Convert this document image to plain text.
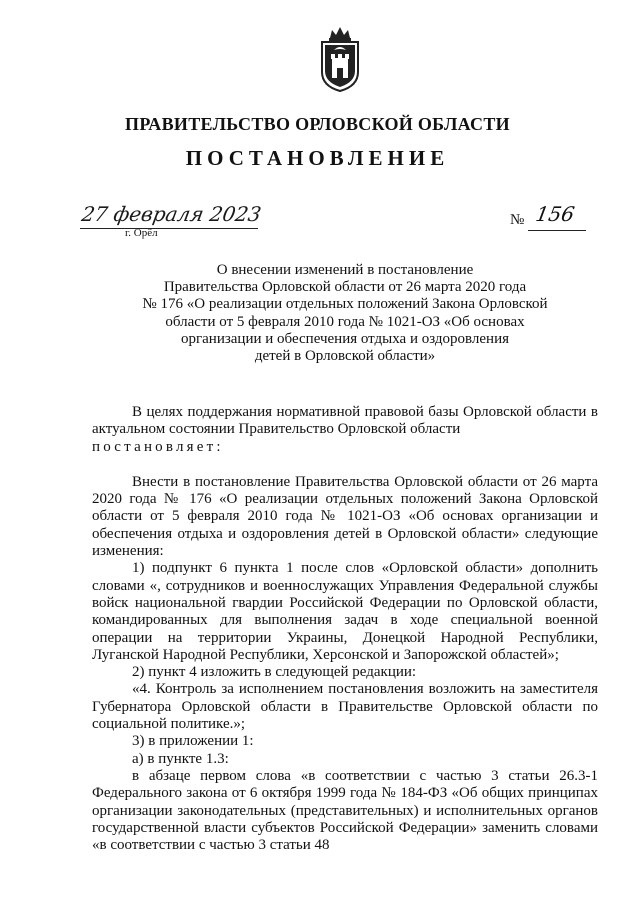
ПРАВИТЕЛЬСТВО ОРЛОВСКОЙ ОБЛАСТИ
ПОСТАНОВЛЕНИЕ
27 февраля 2023
г. Орёл
№ 156
О внесении изменений в постановление
Правительства Орловской области от 26 марта 2020 года
№ 176 «О реализации отдельных положений Закона Орловской
области от 5 февраля 2010 года № 1021-ОЗ «Об основах
организации и обеспечения отдыха и оздоровления
детей в Орловской области»

В целях поддержания нормативной правовой базы Орловской области в актуальном состоянии Правительство Орловской области

постановляет:

Внести в постановление Правительства Орловской области от 26 марта 2020 года № 176 «О реализации отдельных положений Закона Орловской области от 5 февраля 2010 года № 1021-ОЗ «Об основах организации и обеспечения отдыха и оздоровления детей в Орловской области» следующие изменения:

1) подпункт 6 пункта 1 после слов «Орловской области» дополнить словами «, сотрудников и военнослужащих Управления Федеральной службы войск национальной гвардии Российской Федерации по Орловской области, командированных для выполнения задач в ходе специальной военной операции на территории Украины, Донецкой Народной Республики, Луганской Народной Республики, Херсонской и Запорожской областей»;

2) пункт 4 изложить в следующей редакции:

«4. Контроль за исполнением постановления возложить на заместителя Губернатора Орловской области в Правительстве Орловской области по социальной политике.»;

3) в приложении 1:

а) в пункте 1.3:

в абзаце первом слова «в соответствии с частью 3 статьи 26.3-1 Федерального закона от 6 октября 1999 года № 184-ФЗ «Об общих принципах организации законодательных (представительных) и исполнительных органов государственной власти субъектов Российской Федерации» заменить словами «в соответствии с частью 3 статьи 48
